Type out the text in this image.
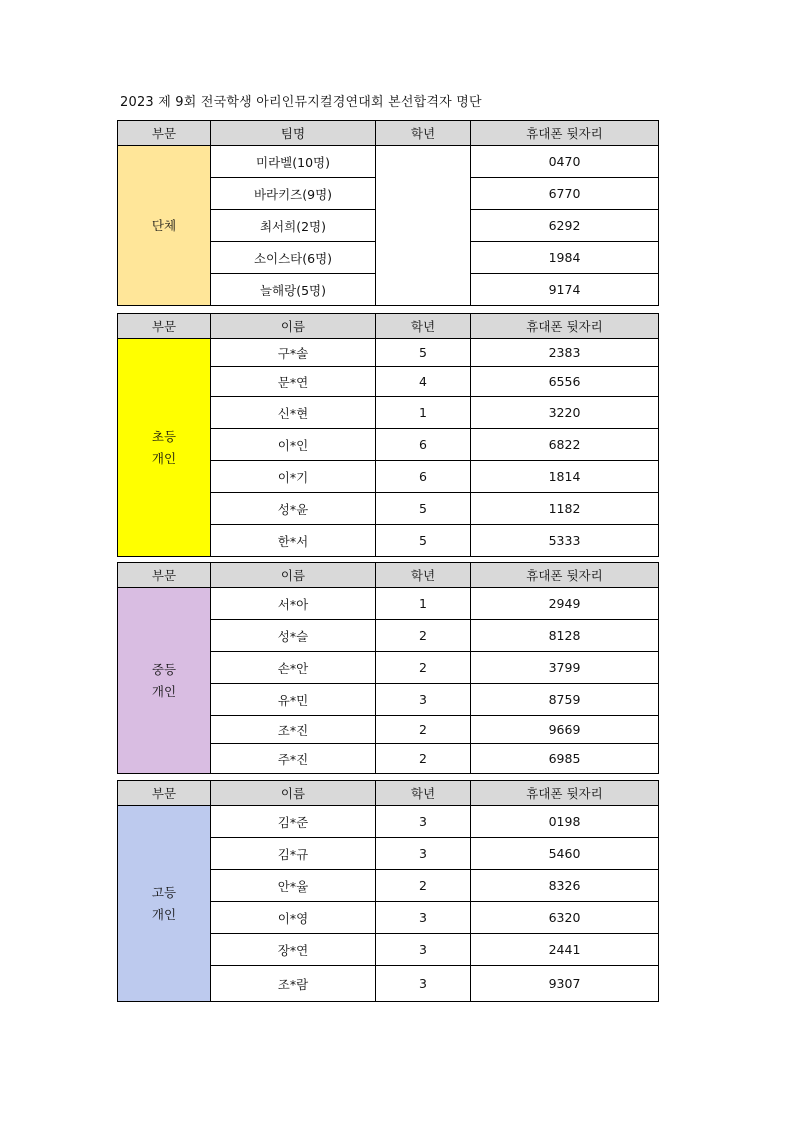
2023 제 9회 전국학생 아리인뮤지컬경연대회 본선합격자 명단
부문	팀명	학년	휴대폰 뒷자리

단체	미라벨(10명)		0470
	바라키즈(9명)		6770
	최서희(2명)		6292
	소이스타(6명)		1984
	늘해랑(5명)		9174
부문	이름	학년	휴대폰 뒷자리

초등
개인	구*솔	5	2383
	문*연	4	6556
	신*현	1	3220
	이*인	6	6822
	이*기	6	1814
	성*윤	5	1182
	한*서	5	5333
부문	이름	학년	휴대폰 뒷자리

중등
개인	서*아	1	2949
	성*슬	2	8128
	손*안	2	3799
	유*민	3	8759
	조*진	2	9669
	주*진	2	6985
부문	이름	학년	휴대폰 뒷자리

고등
개인	김*준	3	0198
	김*규	3	5460
	안*율	2	8326
	이*영	3	6320
	장*연	3	2441
	조*람	3	9307
